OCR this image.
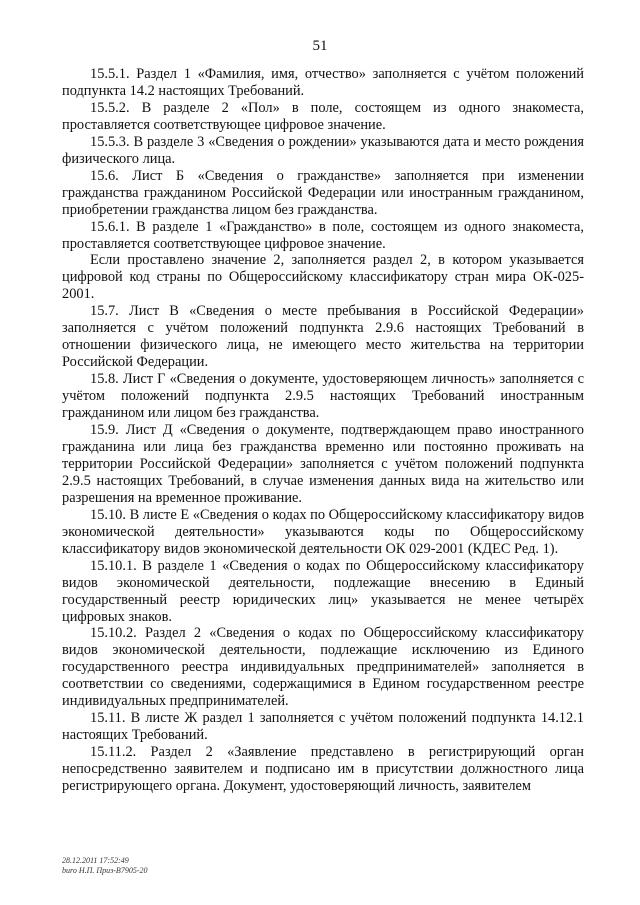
51

15.5.1. Раздел 1 «Фамилия, имя, отчество» заполняется с учётом положений подпункта 14.2 настоящих Требований.

15.5.2. В разделе 2 «Пол» в поле, состоящем из одного знакоместа, проставляется соответствующее цифровое значение.

15.5.3. В разделе 3 «Сведения о рождении» указываются дата и место рождения физического лица.

15.6. Лист Б «Сведения о гражданстве» заполняется при изменении гражданства гражданином Российской Федерации или иностранным гражданином, приобретении гражданства лицом без гражданства.

15.6.1. В разделе 1 «Гражданство» в поле, состоящем из одного знакоместа, проставляется соответствующее цифровое значение.

Если проставлено значение 2, заполняется раздел 2, в котором указывается цифровой код страны по Общероссийскому классификатору стран мира ОК-025-2001.

15.7. Лист В «Сведения о месте пребывания в Российской Федерации» заполняется с учётом положений подпункта 2.9.6 настоящих Требований в отношении физического лица, не имеющего место жительства на территории Российской Федерации.

15.8. Лист Г «Сведения о документе, удостоверяющем личность» заполняется с учётом положений подпункта 2.9.5 настоящих Требований иностранным гражданином или лицом без гражданства.

15.9. Лист Д «Сведения о документе, подтверждающем право иностранного гражданина или лица без гражданства временно или постоянно проживать на территории Российской Федерации» заполняется с учётом положений подпункта 2.9.5 настоящих Требований, в случае изменения данных вида на жительство или разрешения на временное проживание.

15.10. В листе Е «Сведения о кодах по Общероссийскому классификатору видов экономической деятельности» указываются коды по Общероссийскому классификатору видов экономической деятельности ОК 029-2001 (КДЕС Ред. 1).

15.10.1. В разделе 1 «Сведения о кодах по Общероссийскому классификатору видов экономической деятельности, подлежащие внесению в Единый государственный реестр юридических лиц» указывается не менее четырёх цифровых знаков.

15.10.2. Раздел 2 «Сведения о кодах по Общероссийскому классификатору видов экономической деятельности, подлежащие исключению из Единого государственного реестра индивидуальных предпринимателей» заполняется в соответствии со сведениями, содержащимися в Едином государственном реестре индивидуальных предпринимателей.

15.11. В листе Ж раздел 1 заполняется с учётом положений подпункта 14.12.1 настоящих Требований.

15.11.2. Раздел 2 «Заявление представлено в регистрирующий орган непосредственно заявителем и подписано им в присутствии должностного лица регистрирующего органа. Документ, удостоверяющий личность, заявителем

28.12.2011 17:52:49
buro Н.П. Приз-В7905-20
